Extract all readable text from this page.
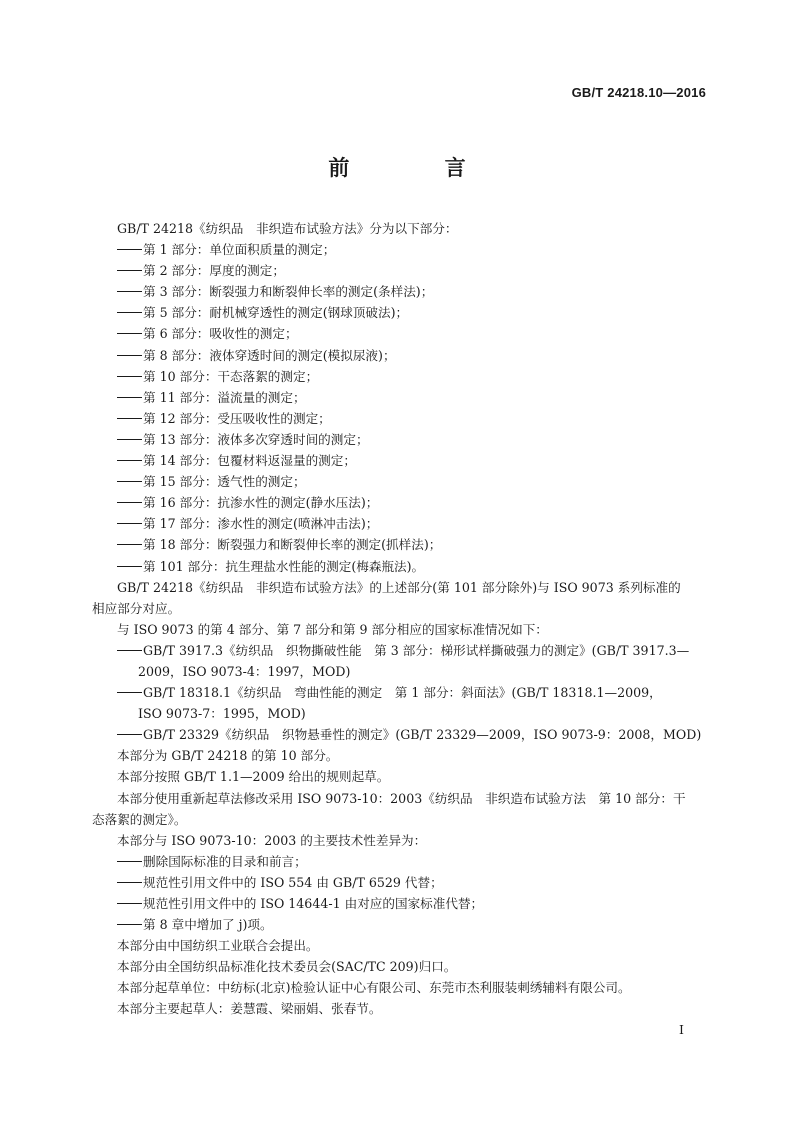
GB/T 24218.10—2016
前 言

GB/T 24218《纺织品　非织造布试验方法》分为以下部分：

第 1 部分：单位面积质量的测定；

第 2 部分：厚度的测定；

第 3 部分：断裂强力和断裂伸长率的测定(条样法)；

第 5 部分：耐机械穿透性的测定(钢球顶破法)；

第 6 部分：吸收性的测定；

第 8 部分：液体穿透时间的测定(模拟尿液)；

第 10 部分：干态落絮的测定；

第 11 部分：溢流量的测定；

第 12 部分：受压吸收性的测定；

第 13 部分：液体多次穿透时间的测定；

第 14 部分：包覆材料返湿量的测定；

第 15 部分：透气性的测定；

第 16 部分：抗渗水性的测定(静水压法)；

第 17 部分：渗水性的测定(喷淋冲击法)；

第 18 部分：断裂强力和断裂伸长率的测定(抓样法)；

第 101 部分：抗生理盐水性能的测定(梅森瓶法)。

GB/T 24218《纺织品　非织造布试验方法》的上述部分(第 101 部分除外)与 ISO 9073 系列标准的

相应部分对应。

与 ISO 9073 的第 4 部分、第 7 部分和第 9 部分相应的国家标准情况如下：

GB/T 3917.3《纺织品　织物撕破性能　第 3 部分：梯形试样撕破强力的测定》(GB/T 3917.3—

2009，ISO 9073-4：1997，MOD)

GB/T 18318.1《纺织品　弯曲性能的测定　第 1 部分：斜面法》(GB/T 18318.1—2009，

ISO 9073-7：1995，MOD)

GB/T 23329《纺织品　织物悬垂性的测定》(GB/T 23329—2009，ISO 9073-9：2008，MOD)

本部分为 GB/T 24218 的第 10 部分。

本部分按照 GB/T 1.1—2009 给出的规则起草。

本部分使用重新起草法修改采用 ISO 9073-10：2003《纺织品　非织造布试验方法　第 10 部分：干

态落絮的测定》。

本部分与 ISO 9073-10：2003 的主要技术性差异为：

删除国际标准的目录和前言；

规范性引用文件中的 ISO 554 由 GB/T 6529 代替；

规范性引用文件中的 ISO 14644-1 由对应的国家标准代替；

第 8 章中增加了 j)项。

本部分由中国纺织工业联合会提出。

本部分由全国纺织品标准化技术委员会(SAC/TC 209)归口。

本部分起草单位：中纺标(北京)检验认证中心有限公司、东莞市杰利服装刺绣辅料有限公司。

本部分主要起草人：姜慧霞、梁丽娟、张春节。

I
